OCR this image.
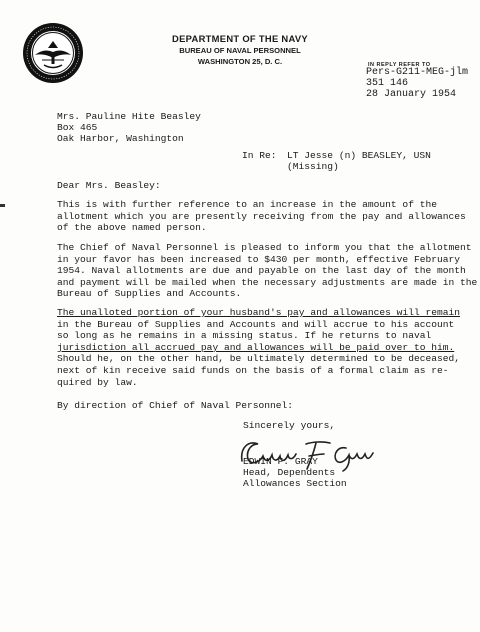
DEPARTMENT OF THE NAVY
BUREAU OF NAVAL PERSONNEL
WASHINGTON 25, D. C.	IN REPLY REFER TO
Pers-G211-MEG-jlm
351 146
28 January 1954
Mrs. Pauline Hite Beasley
Box 465
Oak Harbor, Washington
In Re: LT Jesse (n) BEASLEY, USN
(Missing)
Dear Mrs. Beasley:
This is with further reference to an increase in the amount of the
allotment which you are presently receiving from the pay and allowances
of the above named person.
The Chief of Naval Personnel is pleased to inform you that the allotment
in your favor has been increased to $430 per month, effective February
1954. Naval allotments are due and payable on the last day of the month
and payment will be mailed when the necessary adjustments are made in the
Bureau of Supplies and Accounts.
The unalloted portion of your husband's pay and allowances will remain
in the Bureau of Supplies and Accounts and will accrue to his account
so long as he remains in a missing status. If he returns to naval
jurisdiction all accrued pay and allowances will be paid over to him.
Should he, on the other hand, be ultimately determined to be deceased,
next of kin receive said funds on the basis of a formal claim as re-
quired by law.
By direction of Chief of Naval Personnel:
Sincerely yours,
EDWIN F. GRAY
Head, Dependents
Allowances Section
